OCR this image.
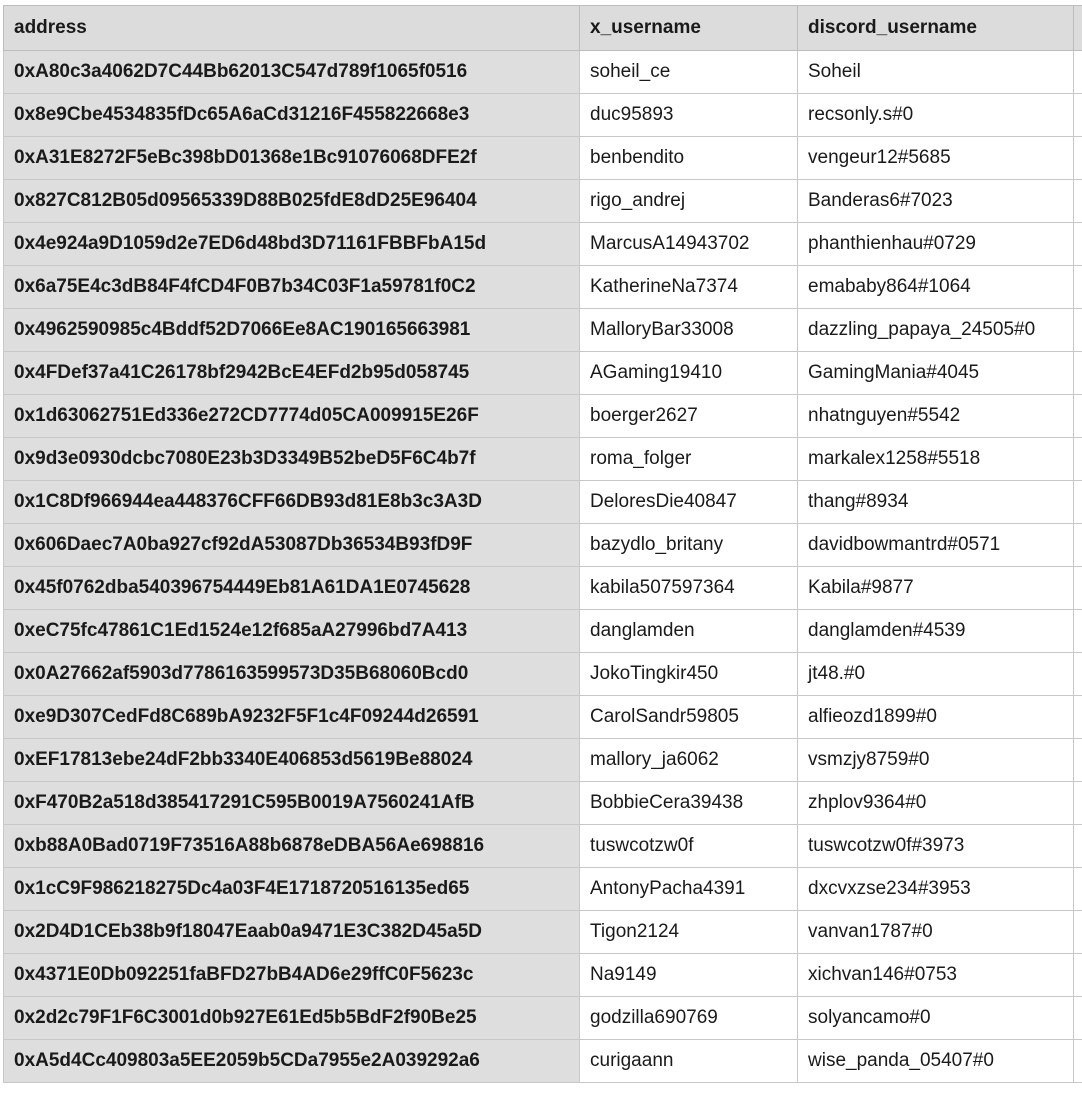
address	x_username	discord_username	
0xA80c3a4062D7C44Bb62013C547d789f1065f0516	soheil_ce	Soheil	
0x8e9Cbe4534835fDc65A6aCd31216F455822668e3	duc95893	recsonly.s#0	
0xA31E8272F5eBc398bD01368e1Bc91076068DFE2f	benbendito	vengeur12#5685	
0x827C812B05d09565339D88B025fdE8dD25E96404	rigo_andrej	Banderas6#7023	
0x4e924a9D1059d2e7ED6d48bd3D71161FBBFbA15d	MarcusA14943702	phanthienhau#0729	
0x6a75E4c3dB84F4fCD4F0B7b34C03F1a59781f0C2	KatherineNa7374	emababy864#1064	
0x4962590985c4Bddf52D7066Ee8AC190165663981	MalloryBar33008	dazzling_papaya_24505#0	
0x4FDef37a41C26178bf2942BcE4EFd2b95d058745	AGaming19410	GamingMania#4045	
0x1d63062751Ed336e272CD7774d05CA009915E26F	boerger2627	nhatnguyen#5542	
0x9d3e0930dcbc7080E23b3D3349B52beD5F6C4b7f	roma_folger	markalex1258#5518	
0x1C8Df966944ea448376CFF66DB93d81E8b3c3A3D	DeloresDie40847	thang#8934	
0x606Daec7A0ba927cf92dA53087Db36534B93fD9F	bazydlo_britany	davidbowmantrd#0571	
0x45f0762dba540396754449Eb81A61DA1E0745628	kabila507597364	Kabila#9877	
0xeC75fc47861C1Ed1524e12f685aA27996bd7A413	danglamden	danglamden#4539	
0x0A27662af5903d7786163599573D35B68060Bcd0	JokoTingkir450	jt48.#0	
0xe9D307CedFd8C689bA9232F5F1c4F09244d26591	CarolSandr59805	alfieozd1899#0	
0xEF17813ebe24dF2bb3340E406853d5619Be88024	mallory_ja6062	vsmzjy8759#0	
0xF470B2a518d385417291C595B0019A7560241AfB	BobbieCera39438	zhplov9364#0	
0xb88A0Bad0719F73516A88b6878eDBA56Ae698816	tuswcotzw0f	tuswcotzw0f#3973	
0x1cC9F986218275Dc4a03F4E1718720516135ed65	AntonyPacha4391	dxcvxzse234#3953	
0x2D4D1CEb38b9f18047Eaab0a9471E3C382D45a5D	Tigon2124	vanvan1787#0	
0x4371E0Db092251faBFD27bB4AD6e29ffC0F5623c	Na9149	xichvan146#0753	
0x2d2c79F1F6C3001d0b927E61Ed5b5BdF2f90Be25	godzilla690769	solyancamo#0	
0xA5d4Cc409803a5EE2059b5CDa7955e2A039292a6	curigaann	wise_panda_05407#0	
